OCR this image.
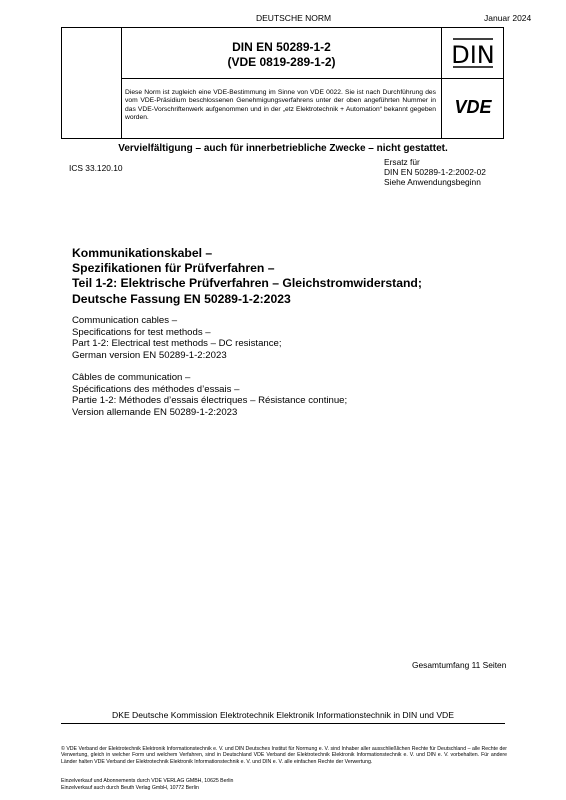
DEUTSCHE NORM	Januar 2024
DIN EN 50289-1-2
(VDE 0819-289-1-2)	DIN
Diese Norm ist zugleich eine VDE-Bestimmung im Sinne von VDE 0022. Sie ist nach Durchführung des vom VDE-Präsidium beschlossenen Genehmigungsverfahrens unter der oben angeführten Nummer in das VDE-Vorschriftenwerk aufgenommen und in der „etz Elektrotechnik + Automation“ bekannt gegeben worden.
VDE
Vervielfältigung – auch für innerbetriebliche Zwecke – nicht gestattet.
ICS 33.120.10
Ersatz für
DIN EN 50289-1-2:2002-02
Siehe Anwendungsbeginn
Kommunikationskabel –
Spezifikationen für Prüfverfahren –
Teil 1-2: Elektrische Prüfverfahren – Gleichstromwiderstand;
Deutsche Fassung EN 50289-1-2:2023
Communication cables –
Specifications for test methods –
Part 1-2: Electrical test methods – DC resistance;
German version EN 50289-1-2:2023
Câbles de communication –
Spécifications des méthodes d’essais –
Partie 1-2: Méthodes d’essais électriques – Résistance continue;
Version allemande EN 50289-1-2:2023
Gesamtumfang 11 Seiten
DKE Deutsche Kommission Elektrotechnik Elektronik Informationstechnik in DIN und VDE
© VDE Verband der Elektrotechnik Elektronik Informationstechnik e. V. und DIN Deutsches Institut für Normung e. V. sind Inhaber aller ausschließlichen Rechte für Deutschland – alle Rechte der Verwertung, gleich in welcher Form und welchem Verfahren, sind in Deutschland VDE Verband der Elektrotechnik Elektronik Informationstechnik e. V. und DIN e. V. vorbehalten. Für andere Länder halten VDE Verband der Elektrotechnik Elektronik Informationstechnik e. V. und DIN e. V. alle einfachen Rechte der Verwertung.
Einzelverkauf und Abonnements durch VDE VERLAG GMBH, 10625 Berlin
Einzelverkauf auch durch Beuth Verlag GmbH, 10772 Berlin
